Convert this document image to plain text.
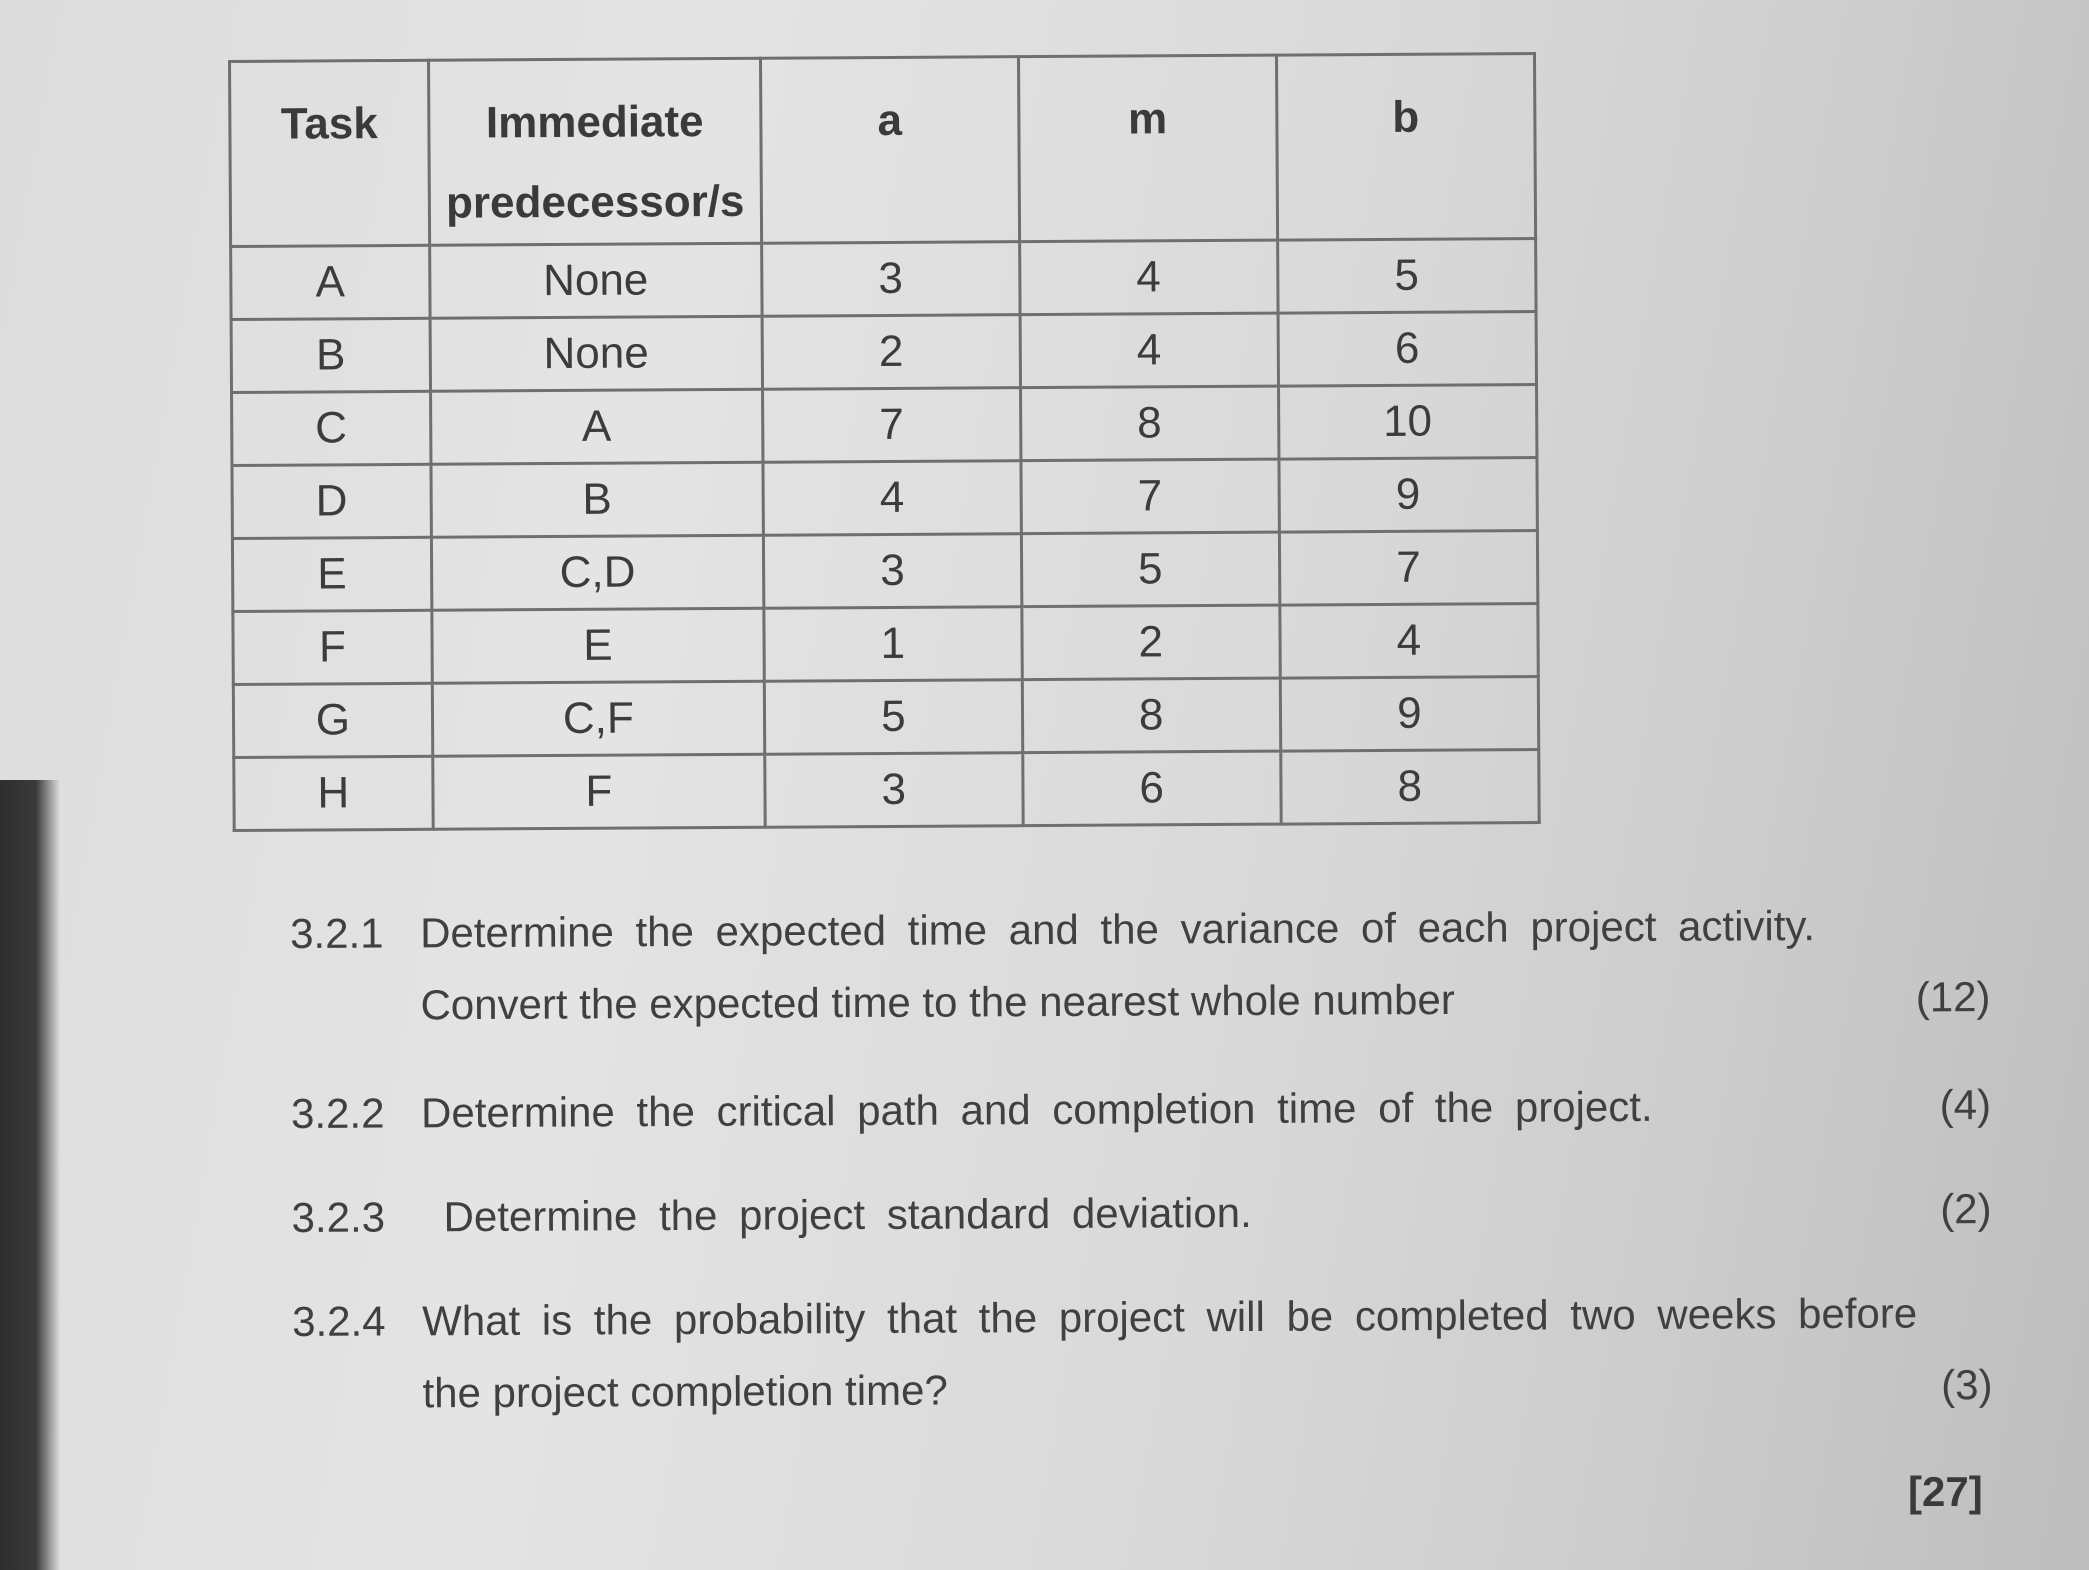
Task	Immediate predecessor/s	a	m	b
A	None	3	4	5
B	None	2	4	6
C	A	7	8	10
D	B	4	7	9
E	C,D	3	5	7
F	E	1	2	4
G	C,F	5	8	9
H	F	3	6	8
3.2.1 Determine the expected time and the variance of each project activity.
Convert the expected time to the nearest whole number	(12)
3.2.2 Determine the critical path and completion time of the project.	(4)
3.2.3	Determine the project standard deviation.	(2)
3.2.4 What is the probability that the project will be completed two weeks before
the project completion time?	(3)
[27]
